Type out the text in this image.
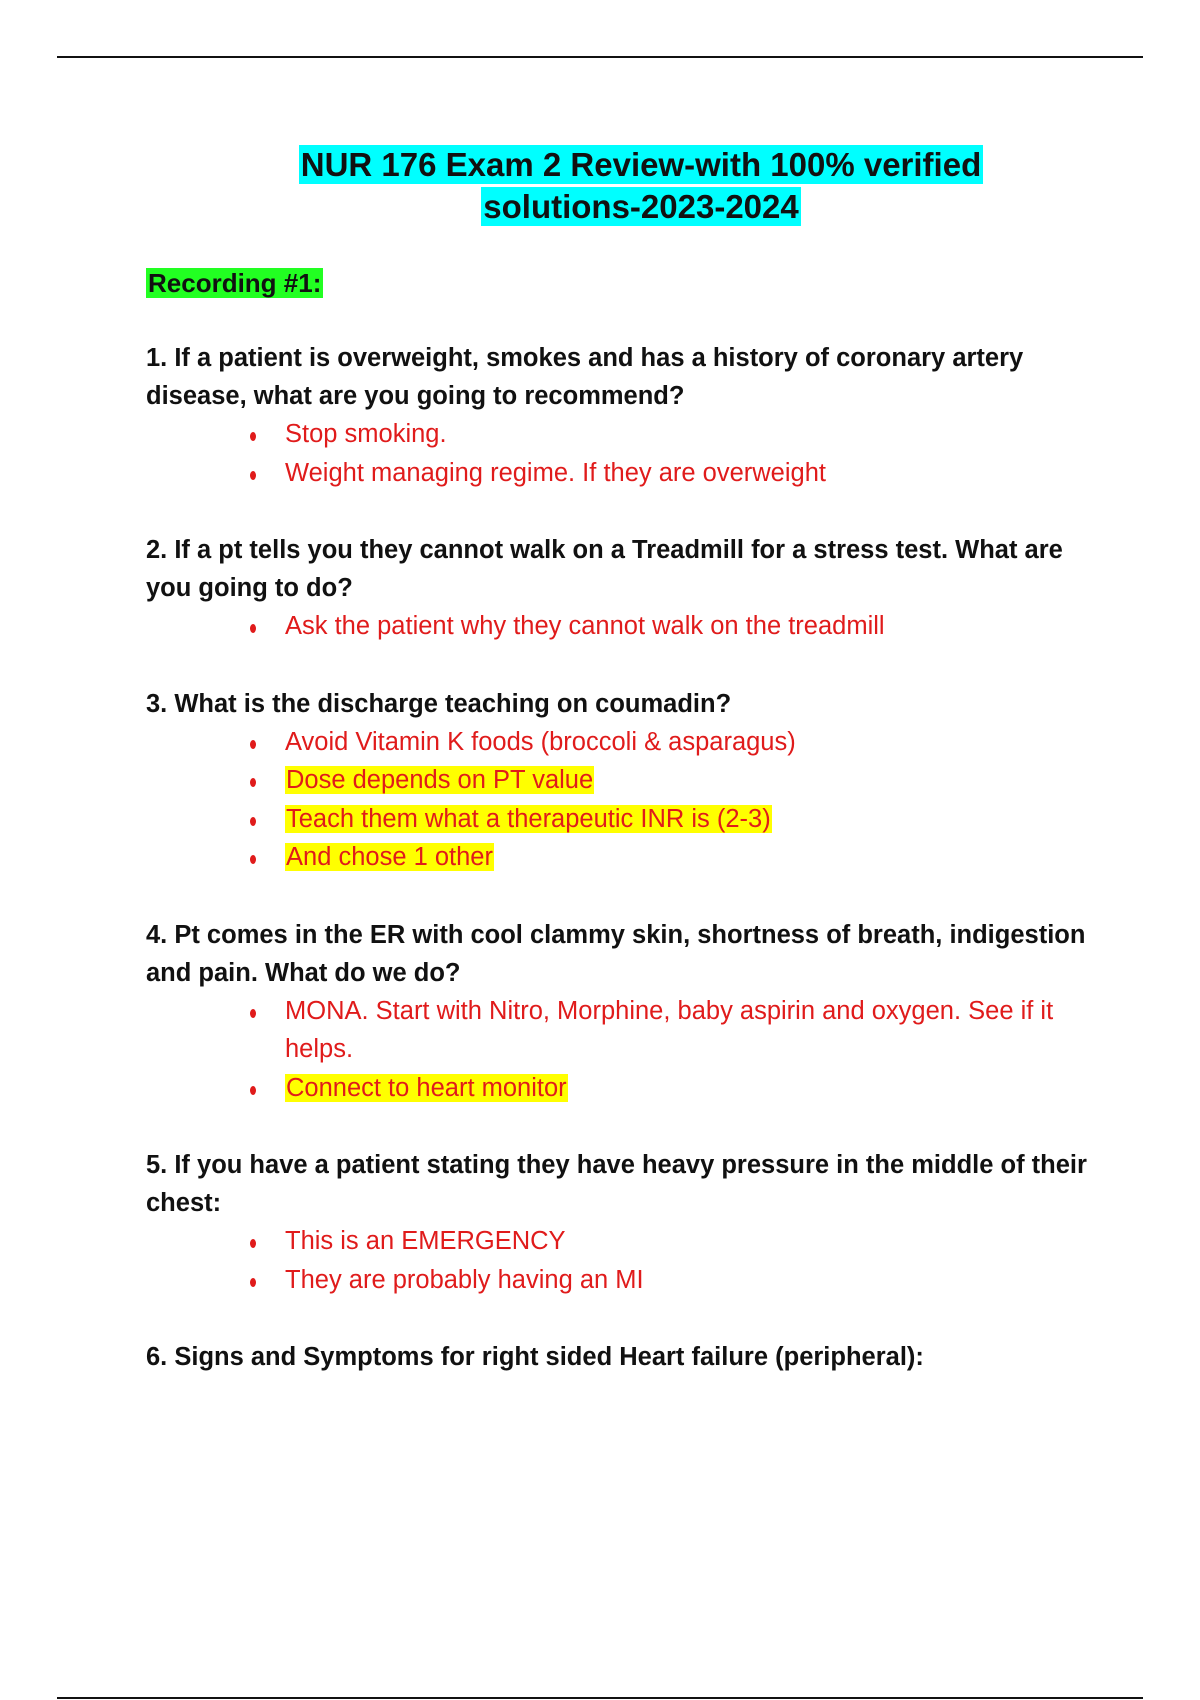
NUR 176 Exam 2 Review-with 100% verified solutions-2023-2024
Recording #1:

1. If a patient is overweight, smokes and has a history of coronary artery disease, what are you going to recommend?

Stop smoking.
Weight managing regime. If they are overweight

2. If a pt tells you they cannot walk on a Treadmill for a stress test. What are you going to do?

Ask the patient why they cannot walk on the treadmill

3. What is the discharge teaching on coumadin?

Avoid Vitamin K foods (broccoli & asparagus)
Dose depends on PT value
Teach them what a therapeutic INR is (2-3)
And chose 1 other

4. Pt comes in the ER with cool clammy skin, shortness of breath, indigestion and pain. What do we do?

MONA. Start with Nitro, Morphine, baby aspirin and oxygen. See if it helps.
Connect to heart monitor

5. If you have a patient stating they have heavy pressure in the middle of their chest:

This is an EMERGENCY
They are probably having an MI

6. Signs and Symptoms for right sided Heart failure (peripheral):
